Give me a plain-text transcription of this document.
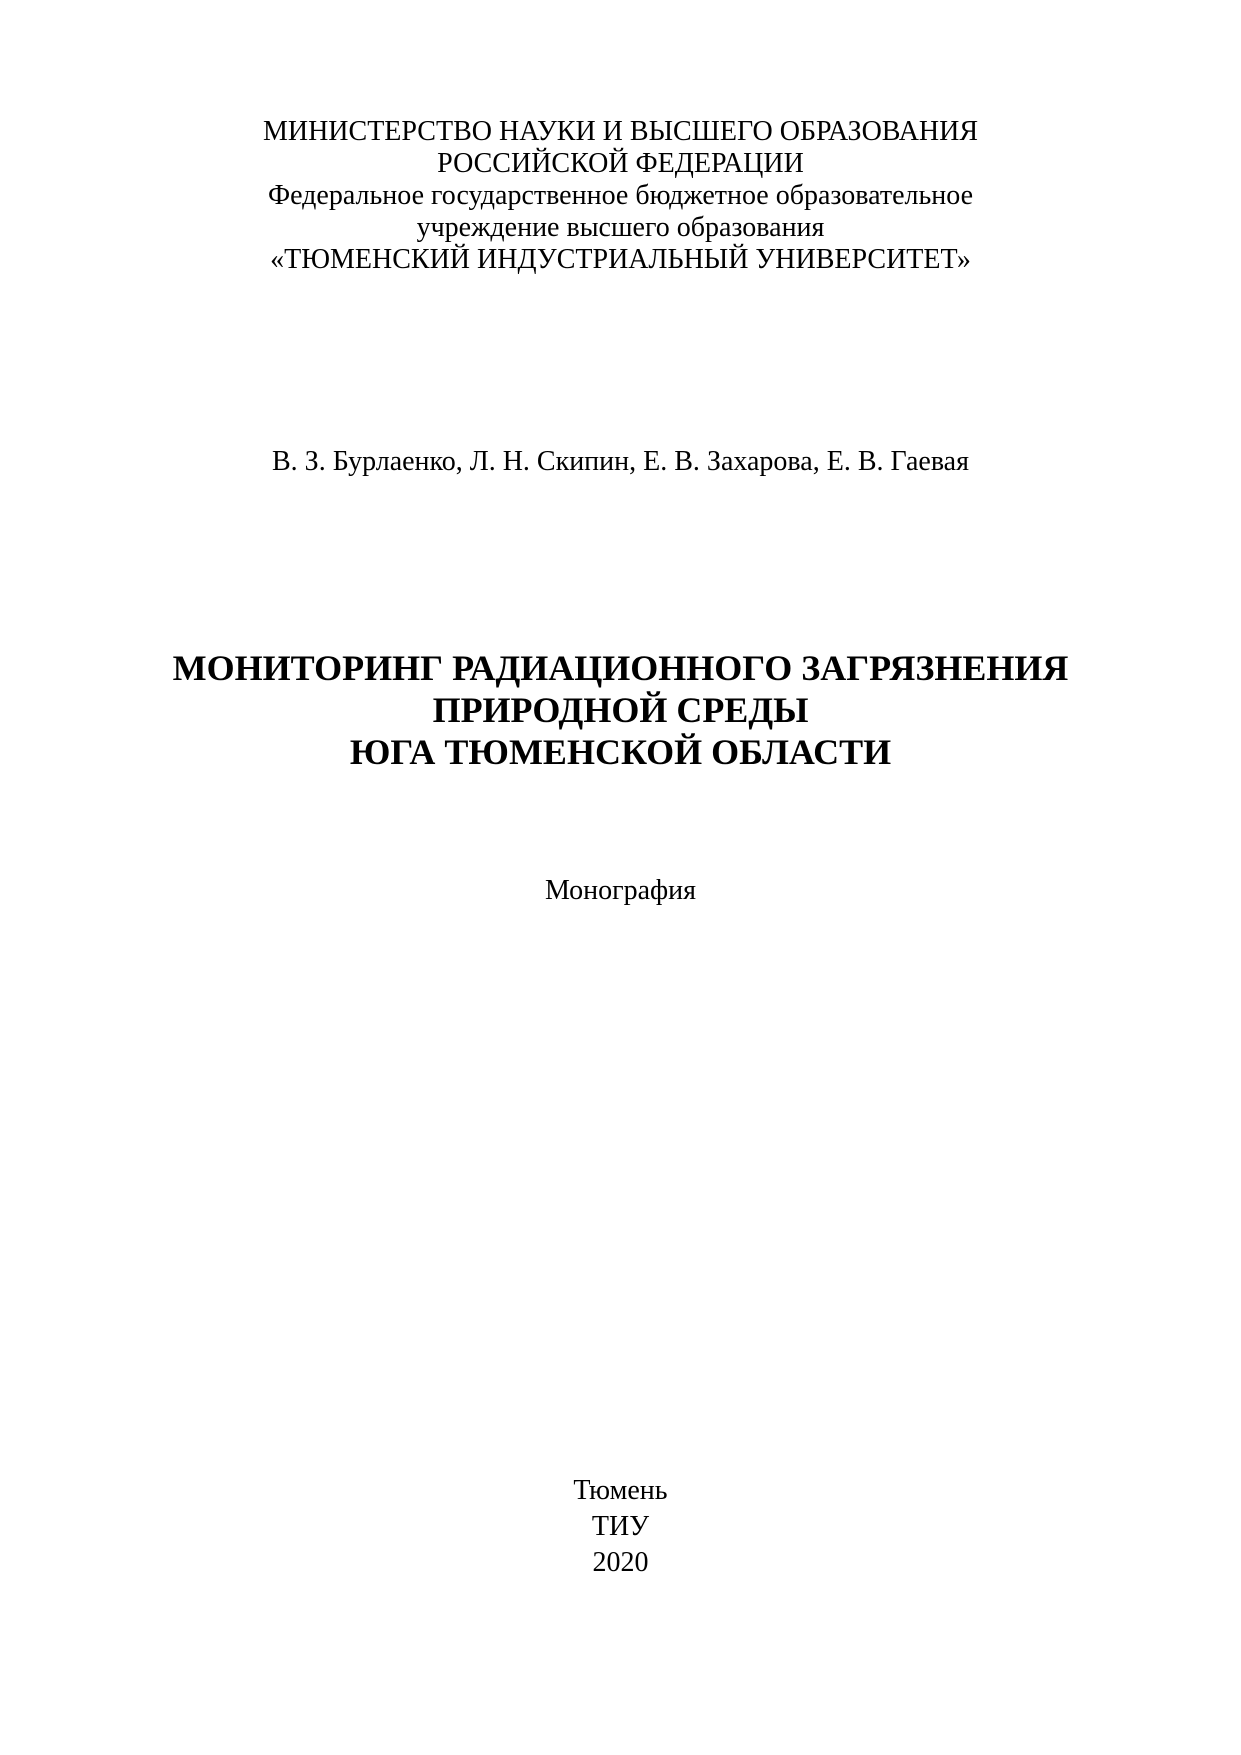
МИНИСТЕРСТВО НАУКИ И ВЫСШЕГО ОБРАЗОВАНИЯ
РОССИЙСКОЙ ФЕДЕРАЦИИ
Федеральное государственное бюджетное образовательное
учреждение высшего образования
«ТЮМЕНСКИЙ ИНДУСТРИАЛЬНЫЙ УНИВЕРСИТЕТ»
В. З. Бурлаенко, Л. Н. Скипин, Е. В. Захарова, Е. В. Гаевая
МОНИТОРИНГ РАДИАЦИОННОГО ЗАГРЯЗНЕНИЯ
ПРИРОДНОЙ СРЕДЫ
ЮГА ТЮМЕНСКОЙ ОБЛАСТИ
Монография
Тюмень
ТИУ
2020
